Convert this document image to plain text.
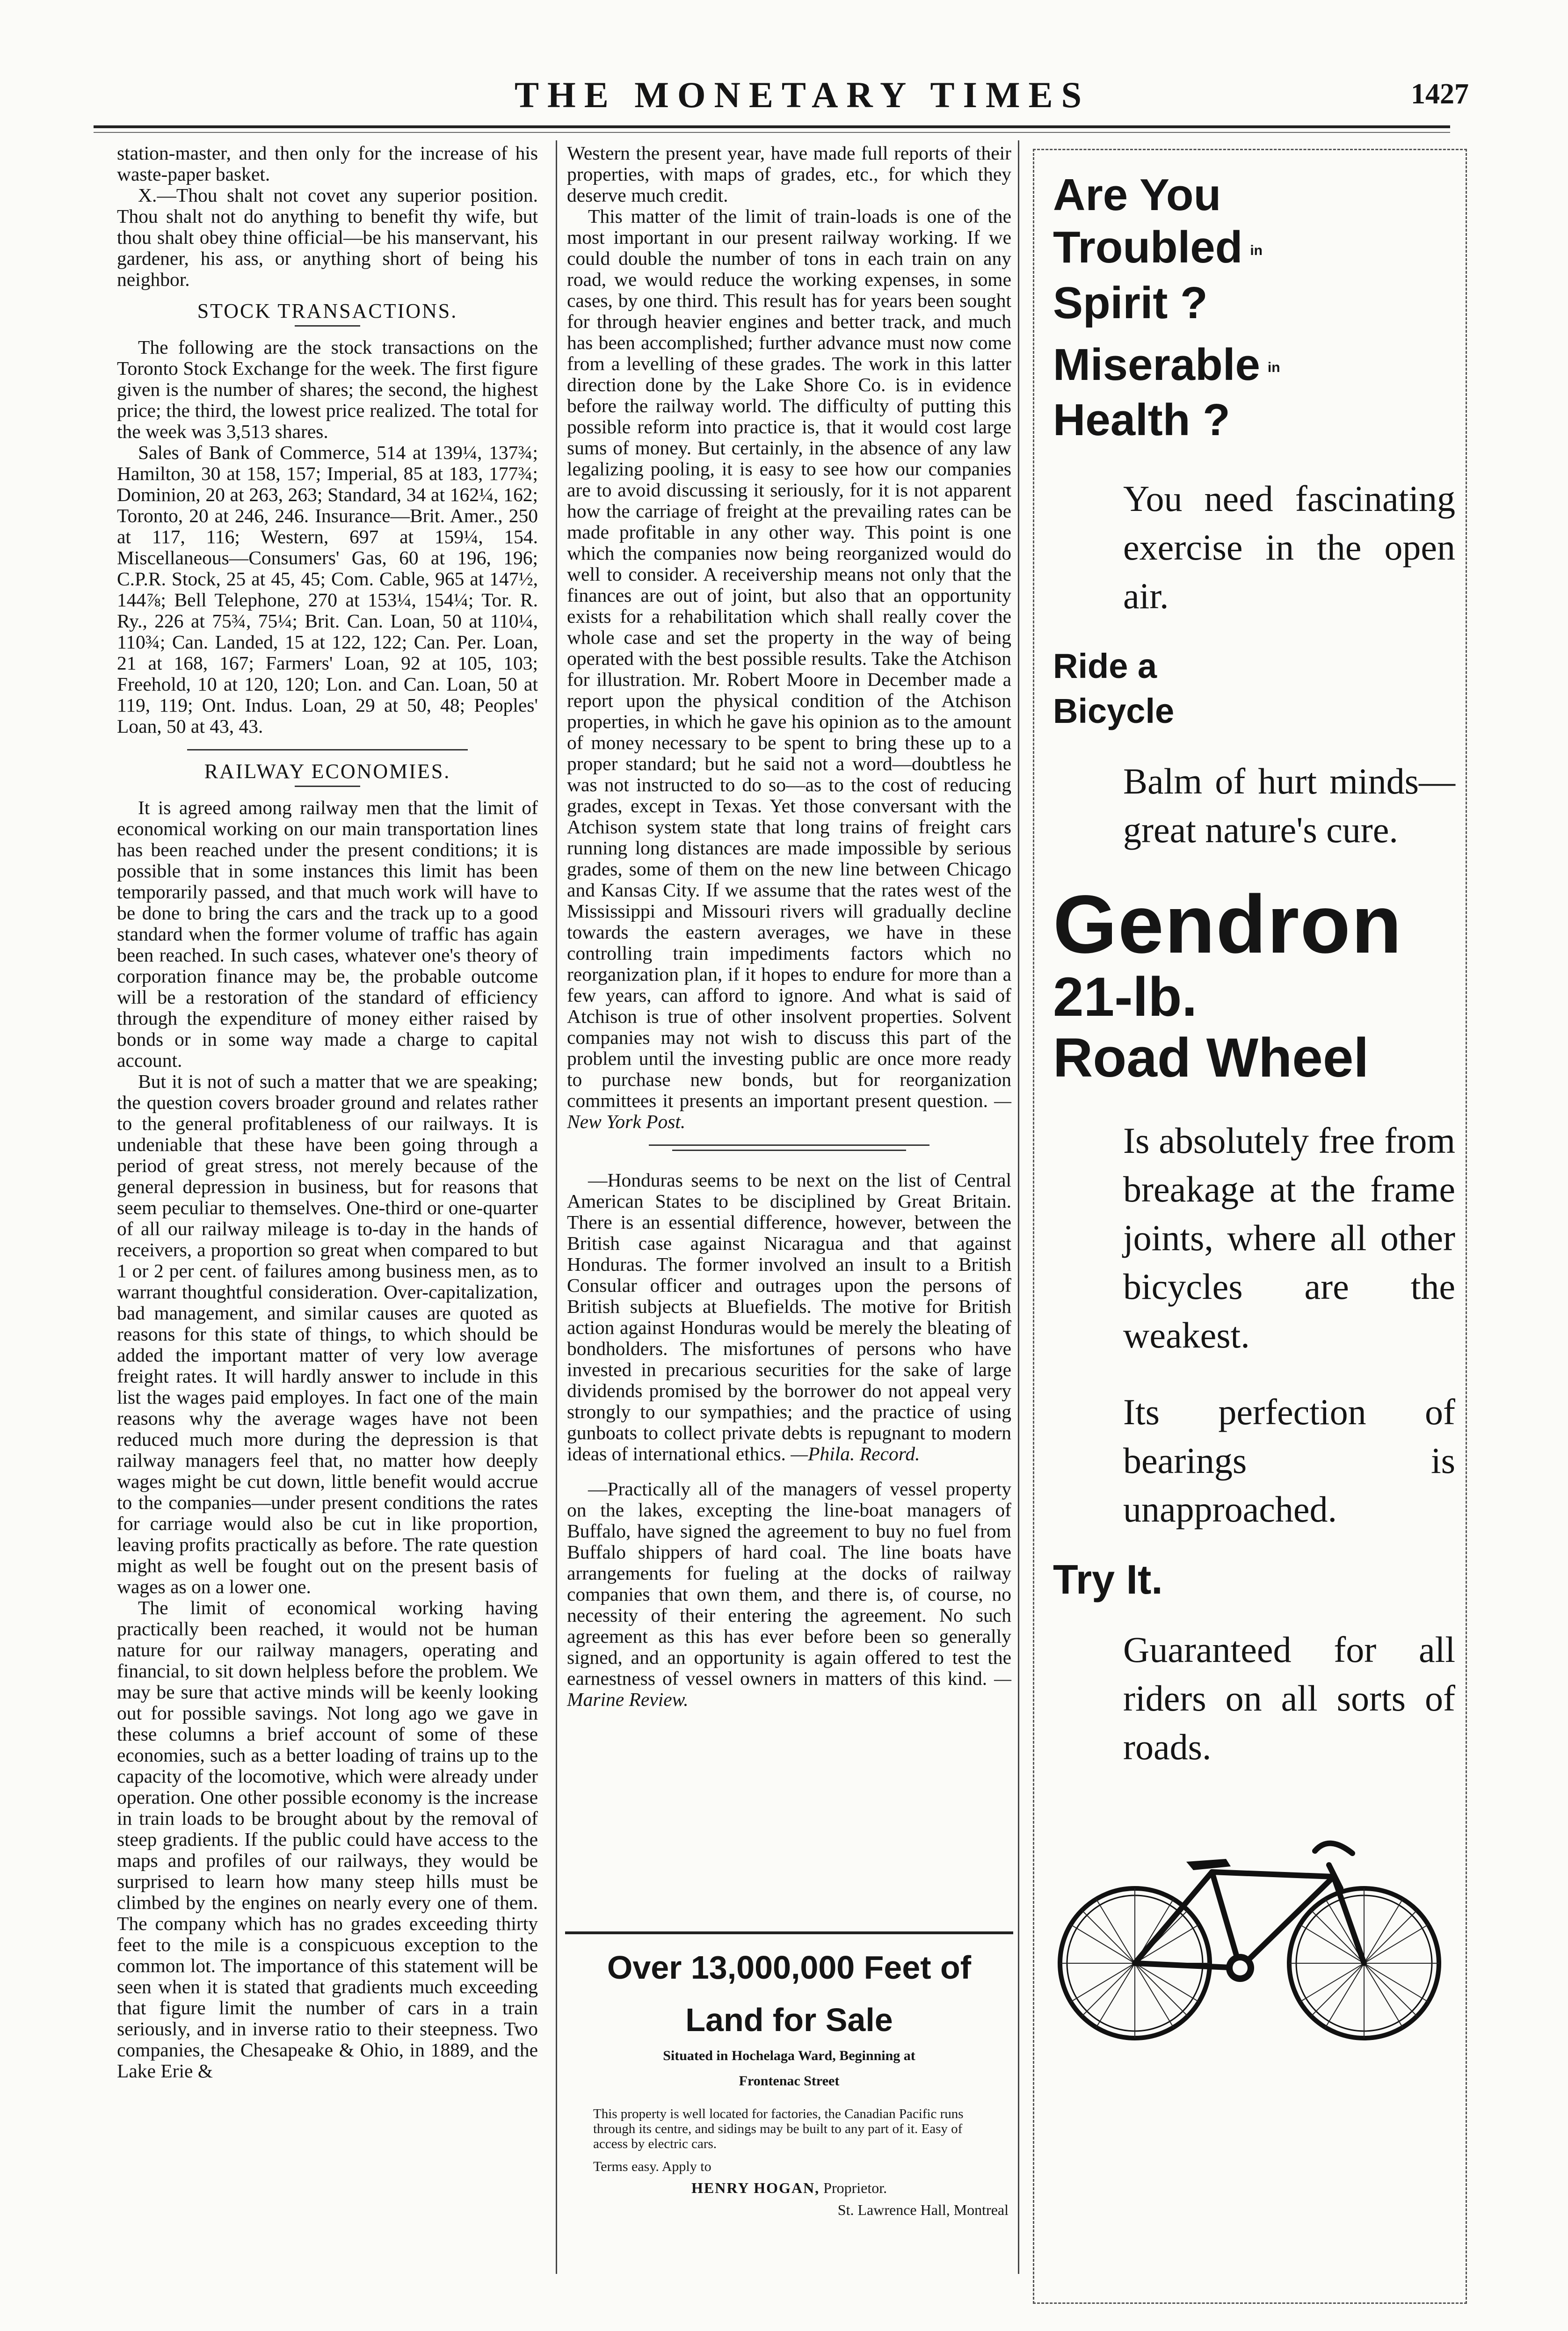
THE MONETARY TIMES	1427

station-master, and then only for the increase of his waste-paper basket.

X.—Thou shalt not covet any superior position. Thou shalt not do anything to benefit thy wife, but thou shalt obey thine official—be his manservant, his gardener, his ass, or anything short of being his neighbor.

STOCK TRANSACTIONS.

The following are the stock transactions on the Toronto Stock Exchange for the week. The first figure given is the number of shares; the second, the highest price; the third, the lowest price realized. The total for the week was 3,513 shares.

Sales of Bank of Commerce, 514 at 139¼, 137¾; Hamilton, 30 at 158, 157; Imperial, 85 at 183, 177¾; Dominion, 20 at 263, 263; Standard, 34 at 162¼, 162; Toronto, 20 at 246, 246. Insurance—Brit. Amer., 250 at 117, 116; Western, 697 at 159¼, 154. Miscellaneous—Consumers' Gas, 60 at 196, 196; C.P.R. Stock, 25 at 45, 45; Com. Cable, 965 at 147½, 144⅞; Bell Telephone, 270 at 153¼, 154¼; Tor. R. Ry., 226 at 75¾, 75¼; Brit. Can. Loan, 50 at 110¼, 110¾; Can. Landed, 15 at 122, 122; Can. Per. Loan, 21 at 168, 167; Farmers' Loan, 92 at 105, 103; Freehold, 10 at 120, 120; Lon. and Can. Loan, 50 at 119, 119; Ont. Indus. Loan, 29 at 50, 48; Peoples' Loan, 50 at 43, 43.

RAILWAY ECONOMIES.

It is agreed among railway men that the limit of economical working on our main transportation lines has been reached under the present conditions; it is possible that in some instances this limit has been temporarily passed, and that much work will have to be done to bring the cars and the track up to a good standard when the former volume of traffic has again been reached. In such cases, whatever one's theory of corporation finance may be, the probable outcome will be a restoration of the standard of efficiency through the expenditure of money either raised by bonds or in some way made a charge to capital account.

But it is not of such a matter that we are speaking; the question covers broader ground and relates rather to the general profitableness of our railways. It is undeniable that these have been going through a period of great stress, not merely because of the general depression in business, but for reasons that seem peculiar to themselves. One-third or one-quarter of all our railway mileage is to-day in the hands of receivers, a proportion so great when compared to but 1 or 2 per cent. of failures among business men, as to warrant thoughtful consideration. Over-capitalization, bad management, and similar causes are quoted as reasons for this state of things, to which should be added the important matter of very low average freight rates. It will hardly answer to include in this list the wages paid employes. In fact one of the main reasons why the average wages have not been reduced much more during the depression is that railway managers feel that, no matter how deeply wages might be cut down, little benefit would accrue to the companies—under present conditions the rates for carriage would also be cut in like proportion, leaving profits practically as before. The rate question might as well be fought out on the present basis of wages as on a lower one.

The limit of economical working having practically been reached, it would not be human nature for our railway managers, operating and financial, to sit down helpless before the problem. We may be sure that active minds will be keenly looking out for possible savings. Not long ago we gave in these columns a brief account of some of these economies, such as a better loading of trains up to the capacity of the locomotive, which were already under operation. One other possible economy is the increase in train loads to be brought about by the removal of steep gradients. If the public could have access to the maps and profiles of our railways, they would be surprised to learn how many steep hills must be climbed by the engines on nearly every one of them. The company which has no grades exceeding thirty feet to the mile is a conspicuous exception to the common lot. The importance of this statement will be seen when it is stated that gradients much exceeding that figure limit the number of cars in a train seriously, and in inverse ratio to their steepness. Two companies, the Chesapeake & Ohio, in 1889, and the Lake Erie &

Western the present year, have made full reports of their properties, with maps of grades, etc., for which they deserve much credit.

This matter of the limit of train-loads is one of the most important in our present railway working. If we could double the number of tons in each train on any road, we would reduce the working expenses, in some cases, by one third. This result has for years been sought for through heavier engines and better track, and much has been accomplished; further advance must now come from a levelling of these grades. The work in this latter direction done by the Lake Shore Co. is in evidence before the railway world. The difficulty of putting this possible reform into practice is, that it would cost large sums of money. But certainly, in the absence of any law legalizing pooling, it is easy to see how our companies are to avoid discussing it seriously, for it is not apparent how the carriage of freight at the prevailing rates can be made profitable in any other way. This point is one which the companies now being reorganized would do well to consider. A receivership means not only that the finances are out of joint, but also that an opportunity exists for a rehabilitation which shall really cover the whole case and set the property in the way of being operated with the best possible results. Take the Atchison for illustration. Mr. Robert Moore in December made a report upon the physical condition of the Atchison properties, in which he gave his opinion as to the amount of money necessary to be spent to bring these up to a proper standard; but he said not a word—doubtless he was not instructed to do so—as to the cost of reducing grades, except in Texas. Yet those conversant with the Atchison system state that long trains of freight cars running long distances are made impossible by serious grades, some of them on the new line between Chicago and Kansas City. If we assume that the rates west of the Mississippi and Missouri rivers will gradually decline towards the eastern averages, we have in these controlling train impediments factors which no reorganization plan, if it hopes to endure for more than a few years, can afford to ignore. And what is said of Atchison is true of other insolvent properties. Solvent companies may not wish to discuss this part of the problem until the investing public are once more ready to purchase new bonds, but for reorganization committees it presents an important present question. —New York Post.

—Honduras seems to be next on the list of Central American States to be disciplined by Great Britain. There is an essential difference, however, between the British case against Nicaragua and that against Honduras. The former involved an insult to a British Consular officer and outrages upon the persons of British subjects at Bluefields. The motive for British action against Honduras would be merely the bleating of bondholders. The misfortunes of persons who have invested in precarious securities for the sake of large dividends promised by the borrower do not appeal very strongly to our sympathies; and the practice of using gunboats to collect private debts is repugnant to modern ideas of international ethics. —Phila. Record.

—Practically all of the managers of vessel property on the lakes, excepting the line-boat managers of Buffalo, have signed the agreement to buy no fuel from Buffalo shippers of hard coal. The line boats have arrangements for fueling at the docks of railway companies that own them, and there is, of course, no necessity of their entering the agreement. No such agreement as this has ever before been so generally signed, and an opportunity is again offered to test the earnestness of vessel owners in matters of this kind. —Marine Review.

Over 13,000,000 Feet of
Land for Sale
Situated in Hochelaga Ward, Beginning at
Frontenac Street
This property is well located for factories, the Canadian Pacific runs through its centre, and sidings may be built to any part of it. Easy of access by electric cars.
Terms easy. Apply to
HENRY HOGAN, Proprietor.
St. Lawrence Hall, Montreal
Are You
Troubled in
Spirit ?
Miserable in
Health ?
You need fascinating exercise in the open air.
Ride a
Bicycle
Balm of hurt minds—great nature's cure.
Gendron
21-lb.
Road Wheel
Is absolutely free from breakage at the frame joints, where all other bicycles are the weakest.
Its perfection of bearings is unapproached.
Try It.
Guaranteed for all riders on all sorts of roads.
